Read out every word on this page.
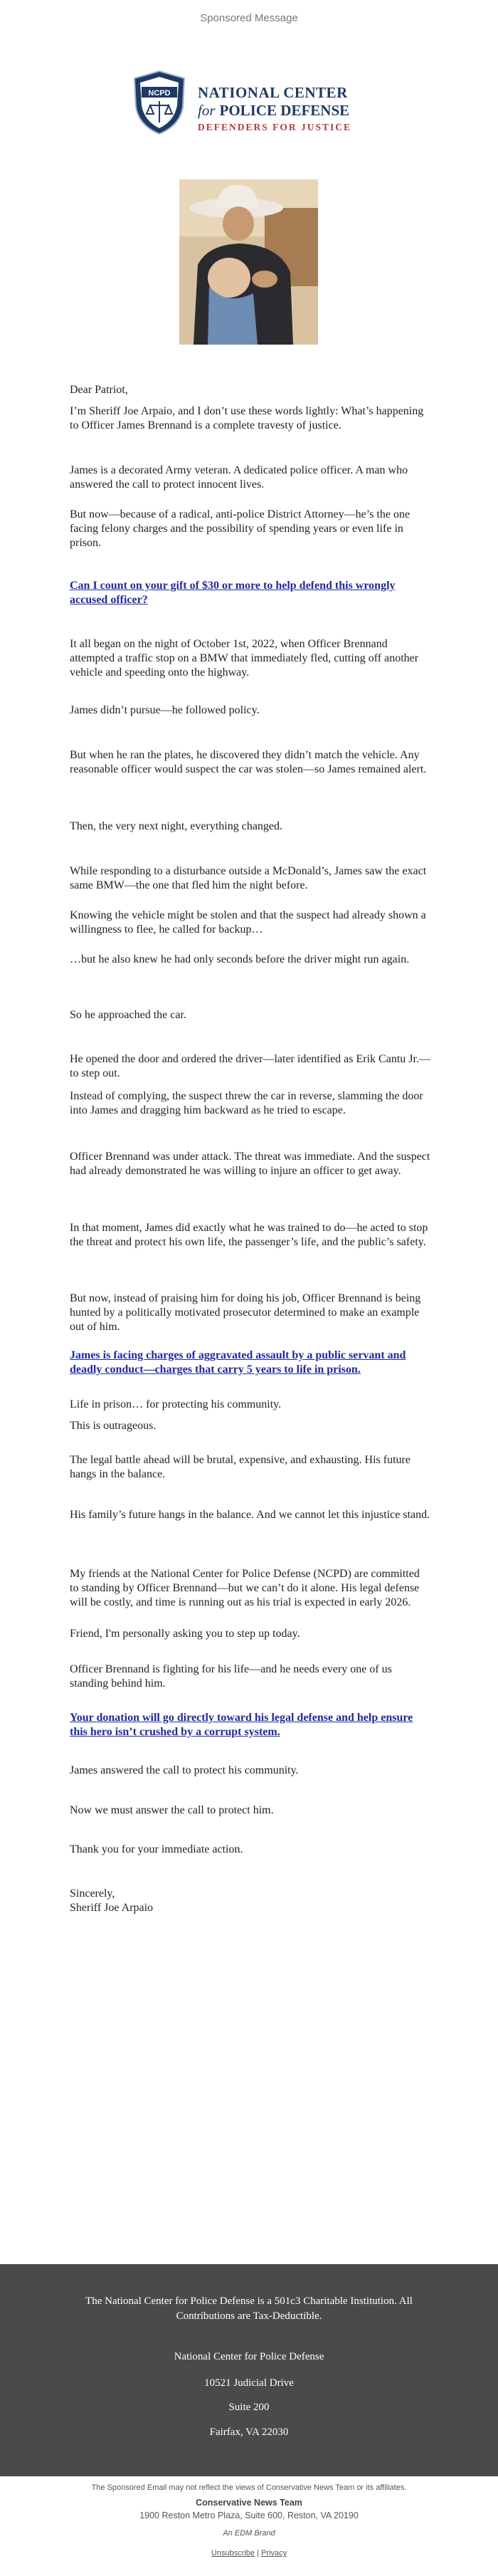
Sponsored Message
NCPD NATIONAL CENTER
for POLICE DEFENSE
DEFENDERS FOR JUSTICE

Dear Patriot,

I’m Sheriff Joe Arpaio, and I don’t use these words lightly: What’s happening to Officer James Brennand is a complete travesty of justice.

James is a decorated Army veteran. A dedicated police officer. A man who answered the call to protect innocent lives.

But now—because of a radical, anti-police District Attorney—he’s the one facing felony charges and the possibility of spending years or even life in prison.

Can I count on your gift of $30 or more to help defend this wrongly accused officer?

It all began on the night of October 1st, 2022, when Officer Brennand attempted a traffic stop on a BMW that immediately fled, cutting off another vehicle and speeding onto the highway.

James didn’t pursue—he followed policy.

But when he ran the plates, he discovered they didn’t match the vehicle. Any reasonable officer would suspect the car was stolen—so James remained alert.

Then, the very next night, everything changed.

While responding to a disturbance outside a McDonald’s, James saw the exact same BMW—the one that fled him the night before.

Knowing the vehicle might be stolen and that the suspect had already shown a willingness to flee, he called for backup…

…but he also knew he had only seconds before the driver might run again.

So he approached the car.

He opened the door and ordered the driver—later identified as Erik Cantu Jr.—to step out.

Instead of complying, the suspect threw the car in reverse, slamming the door into James and dragging him backward as he tried to escape.

Officer Brennand was under attack. The threat was immediate. And the suspect had already demonstrated he was willing to injure an officer to get away.

In that moment, James did exactly what he was trained to do—he acted to stop the threat and protect his own life, the passenger’s life, and the public’s safety.

But now, instead of praising him for doing his job, Officer Brennand is being hunted by a politically motivated prosecutor determined to make an example out of him.

James is facing charges of aggravated assault by a public servant and deadly conduct—charges that carry 5 years to life in prison.

Life in prison… for protecting his community.

This is outrageous.

The legal battle ahead will be brutal, expensive, and exhausting. His future hangs in the balance.

His family’s future hangs in the balance. And we cannot let this injustice stand.

My friends at the National Center for Police Defense (NCPD) are committed to standing by Officer Brennand—but we can’t do it alone. His legal defense will be costly, and time is running out as his trial is expected in early 2026.

Friend, I'm personally asking you to step up today.

Officer Brennand is fighting for his life—and he needs every one of us standing behind him.

Your donation will go directly toward his legal defense and help ensure this hero isn’t crushed by a corrupt system.

James answered the call to protect his community.

Now we must answer the call to protect him.

Thank you for your immediate action.

Sincerely,

Sheriff Joe Arpaio

The National Center for Police Defense is a 501c3 Charitable Institution. All Contributions are Tax-Deductible.
National Center for Police Defense
10521 Judicial Drive
Suite 200
Fairfax, VA 22030
The Sponsored Email may not reflect the views of Conservative News Team or its affiliates.
Conservative News Team
1900 Reston Metro Plaza, Suite 600, Reston, VA 20190
An EDM Brand
Unsubscribe | Privacy
